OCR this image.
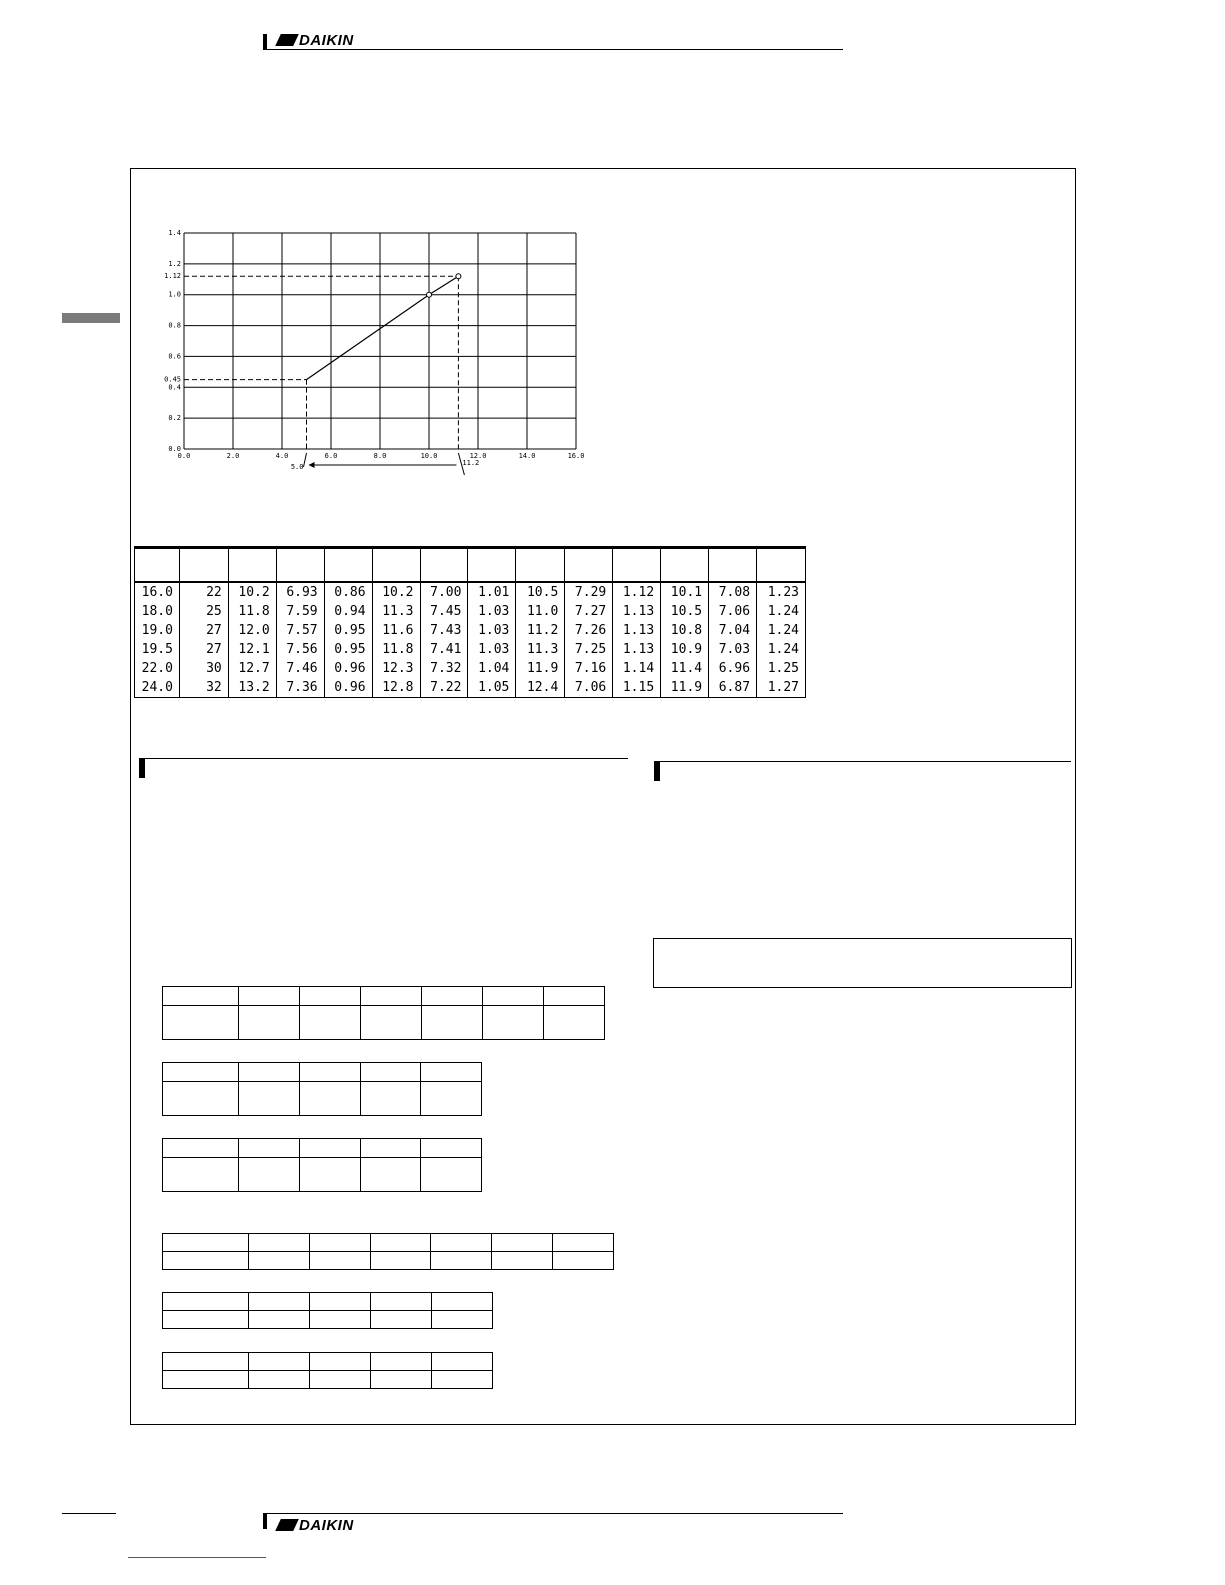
DAIKIN
0.0	2.0	4.0	6.0	8.0	10.0	12.0	14.0	16.0
0.0
0.2
0.4
0.45
0.6
0.8
1.0
1.12
1.2
1.4
5.0	11.2

16.0	22	10.2	6.93	0.86	10.2	7.00	1.01	10.5	7.29	1.12	10.1	7.08	1.23
18.0	25	11.8	7.59	0.94	11.3	7.45	1.03	11.0	7.27	1.13	10.5	7.06	1.24
19.0	27	12.0	7.57	0.95	11.6	7.43	1.03	11.2	7.26	1.13	10.8	7.04	1.24
19.5	27	12.1	7.56	0.95	11.8	7.41	1.03	11.3	7.25	1.13	10.9	7.03	1.24
22.0	30	12.7	7.46	0.96	12.3	7.32	1.04	11.9	7.16	1.14	11.4	6.96	1.25
24.0	32	13.2	7.36	0.96	12.8	7.22	1.05	12.4	7.06	1.15	11.9	6.87	1.27

DAIKIN
